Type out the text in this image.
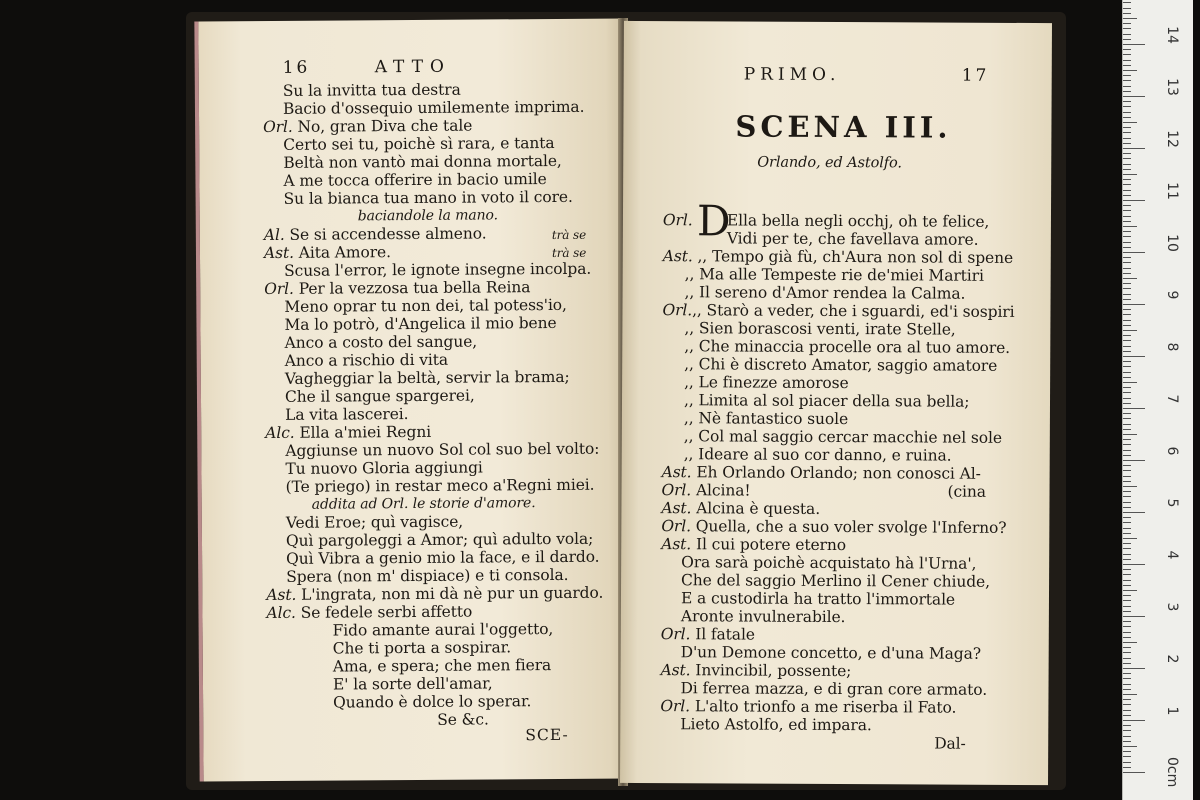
16	ATTO
Su la invitta tua destra
Bacio d'ossequio umilemente imprima.
Orl. No, gran Diva che tale
Certo sei tu, poichè sì rara, e tanta
Beltà non vantò mai donna mortale,
A me tocca offerire in bacio umile
Su la bianca tua mano in voto il core.
baciandole la mano.
Al. Se si accendesse almeno.	trà se
Ast. Aita Amore.	trà se
Scusa l'error, le ignote insegne incolpa.
Orl. Per la vezzosa tua bella Reina
Meno oprar tu non dei, tal potess'io,
Ma lo potrò, d'Angelica il mio bene
Anco a costo del sangue,
Anco a rischio di vita
Vagheggiar la beltà, servir la brama;
Che il sangue spargerei,
La vita lascerei.
Alc. Ella a'miei Regni
Aggiunse un nuovo Sol col suo bel volto:
Tu nuovo Gloria aggiungi
(Te priego) in restar meco a'Regni miei.
addita ad Orl. le storie d'amore.
Vedi Eroe; quì vagisce,
Quì pargoleggi a Amor; quì adulto vola;
Quì Vibra a genio mio la face, e il dardo.
Spera (non m' dispiace) e ti consola.
Ast. L'ingrata, non mi dà nè pur un guardo.
Alc. Se fedele serbi affetto
Fido amante aurai l'oggetto,
Che ti porta a sospirar.
Ama, e spera; che men fiera
E' la sorte dell'amar,
Quando è dolce lo sperar.
Se &c.
SCE-
PRIMO.	17
SCENA III.
Orlando, ed Astolfo.
Orl. D
Ella bella negli occhj, oh te felice,
Vidi per te, che favellava amore.
Ast. ,, Tempo già fù, ch'Aura non sol di spene
,, Ma alle Tempeste rie de'miei Martiri
,, Il sereno d'Amor rendea la Calma.
Orl.,, Starò a veder, che i sguardi, ed'i sospiri
,, Sien borascosi venti, irate Stelle,
,, Che minaccia procelle ora al tuo amore.
,, Chi è discreto Amator, saggio amatore
,, Le finezze amorose
,, Limita al sol piacer della sua bella;
,, Nè fantastico suole
,, Col mal saggio cercar macchie nel sole
,, Ideare al suo cor danno, e ruina.
Ast. Eh Orlando Orlando; non conosci Al-
Orl. Alcina!	(cina
Ast. Alcina è questa.
Orl. Quella, che a suo voler svolge l'Inferno?
Ast. Il cui potere eterno
Ora sarà poichè acquistato hà l'Urna',
Che del saggio Merlino il Cener chiude,
E a custodirla ha tratto l'immortale
Aronte invulnerabile.
Orl. Il fatale
D'un Demone concetto, e d'una Maga?
Ast. Invincibil, possente;
Di ferrea mazza, e di gran core armato.
Orl. L'alto trionfo a me riserba il Fato.
Lieto Astolfo, ed impara.
Dal-
0cm
1
2
3
4
5
6
7
8
9
10
11
12
13
14
